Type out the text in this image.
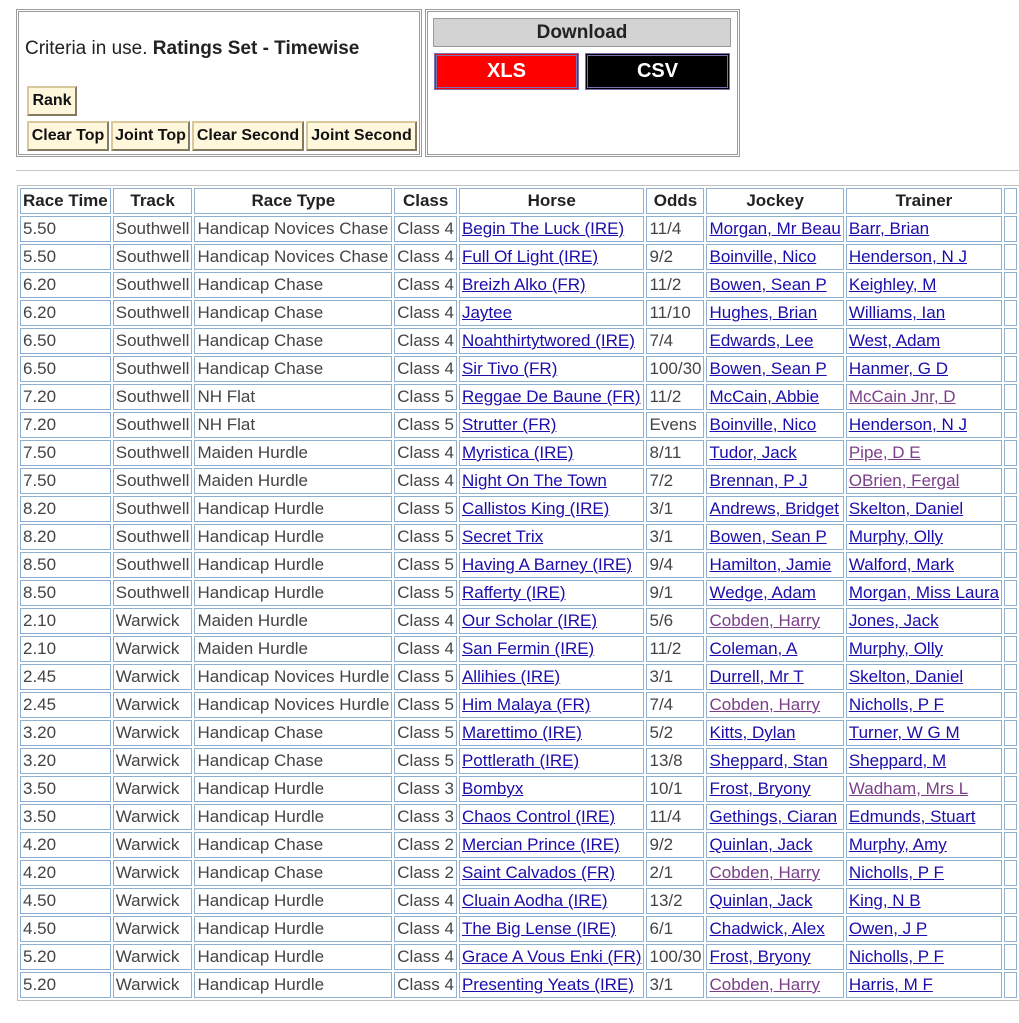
Criteria in use. Ratings Set - Timewise
Rank
Clear Top Joint Top Clear Second Joint Second
Download
XLS	CSV
Race Time	Track	Race Type	Class	Horse	Odds	Jockey	Trainer	
5.50	Southwell	Handicap Novices Chase	Class 4	Begin The Luck (IRE)	11/4	Morgan, Mr Beau	Barr, Brian	
5.50	Southwell	Handicap Novices Chase	Class 4	Full Of Light (IRE)	9/2	Boinville, Nico	Henderson, N J	
6.20	Southwell	Handicap Chase	Class 4	Breizh Alko (FR)	11/2	Bowen, Sean P	Keighley, M	
6.20	Southwell	Handicap Chase	Class 4	Jaytee	11/10	Hughes, Brian	Williams, Ian	
6.50	Southwell	Handicap Chase	Class 4	Noahthirtytwored (IRE)	7/4	Edwards, Lee	West, Adam	
6.50	Southwell	Handicap Chase	Class 4	Sir Tivo (FR)	100/30	Bowen, Sean P	Hanmer, G D	
7.20	Southwell	NH Flat	Class 5	Reggae De Baune (FR)	11/2	McCain, Abbie	McCain Jnr, D	
7.20	Southwell	NH Flat	Class 5	Strutter (FR)	Evens	Boinville, Nico	Henderson, N J	
7.50	Southwell	Maiden Hurdle	Class 4	Myristica (IRE)	8/11	Tudor, Jack	Pipe, D E	
7.50	Southwell	Maiden Hurdle	Class 4	Night On The Town	7/2	Brennan, P J	OBrien, Fergal	
8.20	Southwell	Handicap Hurdle	Class 5	Callistos King (IRE)	3/1	Andrews, Bridget	Skelton, Daniel	
8.20	Southwell	Handicap Hurdle	Class 5	Secret Trix	3/1	Bowen, Sean P	Murphy, Olly	
8.50	Southwell	Handicap Hurdle	Class 5	Having A Barney (IRE)	9/4	Hamilton, Jamie	Walford, Mark	
8.50	Southwell	Handicap Hurdle	Class 5	Rafferty (IRE)	9/1	Wedge, Adam	Morgan, Miss Laura	
2.10	Warwick	Maiden Hurdle	Class 4	Our Scholar (IRE)	5/6	Cobden, Harry	Jones, Jack	
2.10	Warwick	Maiden Hurdle	Class 4	San Fermin (IRE)	11/2	Coleman, A	Murphy, Olly	
2.45	Warwick	Handicap Novices Hurdle	Class 5	Allihies (IRE)	3/1	Durrell, Mr T	Skelton, Daniel	
2.45	Warwick	Handicap Novices Hurdle	Class 5	Him Malaya (FR)	7/4	Cobden, Harry	Nicholls, P F	
3.20	Warwick	Handicap Chase	Class 5	Marettimo (IRE)	5/2	Kitts, Dylan	Turner, W G M	
3.20	Warwick	Handicap Chase	Class 5	Pottlerath (IRE)	13/8	Sheppard, Stan	Sheppard, M	
3.50	Warwick	Handicap Hurdle	Class 3	Bombyx	10/1	Frost, Bryony	Wadham, Mrs L	
3.50	Warwick	Handicap Hurdle	Class 3	Chaos Control (IRE)	11/4	Gethings, Ciaran	Edmunds, Stuart	
4.20	Warwick	Handicap Chase	Class 2	Mercian Prince (IRE)	9/2	Quinlan, Jack	Murphy, Amy	
4.20	Warwick	Handicap Chase	Class 2	Saint Calvados (FR)	2/1	Cobden, Harry	Nicholls, P F	
4.50	Warwick	Handicap Hurdle	Class 4	Cluain Aodha (IRE)	13/2	Quinlan, Jack	King, N B	
4.50	Warwick	Handicap Hurdle	Class 4	The Big Lense (IRE)	6/1	Chadwick, Alex	Owen, J P	
5.20	Warwick	Handicap Hurdle	Class 4	Grace A Vous Enki (FR)	100/30	Frost, Bryony	Nicholls, P F	
5.20	Warwick	Handicap Hurdle	Class 4	Presenting Yeats (IRE)	3/1	Cobden, Harry	Harris, M F	
